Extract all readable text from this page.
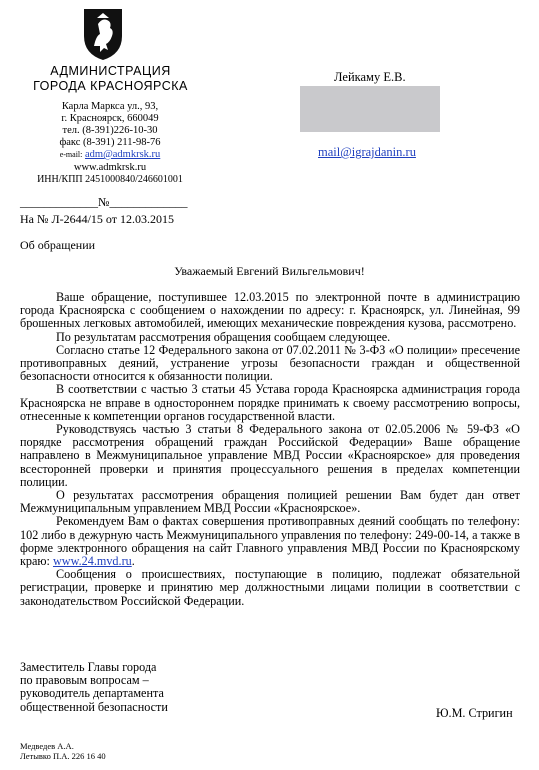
АДМИНИСТРАЦИЯ
ГОРОДА КРАСНОЯРСКА
Карла Маркса ул., 93,
г. Красноярск, 660049
тел. (8-391)226-10-30
факс (8-391) 211-98-76
e-mail: adm@admkrsk.ru
www.admkrsk.ru
ИНН/КПП 2451000840/246601001
_____________№_____________
На № Л-2644/15 от 12.03.2015
Лейкаму Е.В.
mail@igrajdanin.ru
Об обращении
Уважаемый Евгений Вильгельмович!

Ваше обращение, поступившее 12.03.2015 по электронной почте в администрацию города Красноярска с сообщением о нахождении по адресу: г. Красноярск, ул. Линейная, 99 брошенных легковых автомобилей, имеющих механические повреждения кузова, рассмотрено.

По результатам рассмотрения обращения сообщаем следующее.

Согласно статье 12 Федерального закона от 07.02.2011 № 3-ФЗ «О полиции» пресечение противоправных деяний, устранение угрозы безопасности граждан и общественной безопасности относится к обязанности полиции.

В соответствии с частью 3 статьи 45 Устава города Красноярска администрация города Красноярска не вправе в одностороннем порядке принимать к своему рассмотрению вопросы, отнесенные к компетенции органов государственной власти.

Руководствуясь частью 3 статьи 8 Федерального закона от 02.05.2006 № 59-ФЗ «О порядке рассмотрения обращений граждан Российской Федерации» Ваше обращение направлено в Межмуниципальное управление МВД России «Красноярское» для проведения всесторонней проверки и принятия процессуального решения в пределах компетенции полиции.

О результатах рассмотрения обращения полицией решении Вам будет дан ответ Межмуниципальным управлением МВД России «Красноярское».

Рекомендуем Вам о фактах совершения противоправных деяний сообщать по телефону: 102 либо в дежурную часть Межмуниципального управления по телефону: 249-00-14, а также в форме электронного обращения на сайт Главного управления МВД России по Красноярскому краю: www.24.mvd.ru.

Сообщения о происшествиях, поступающие в полицию, подлежат обязательной регистрации, проверке и принятию мер должностными лицами полиции в соответствии с законодательством Российской Федерации.

Заместитель Главы города
по правовым вопросам –
руководитель департамента
общественной безопасности	Ю.М. Стригин
Медведев А.А.
Летывко П.А. 226 16 40
